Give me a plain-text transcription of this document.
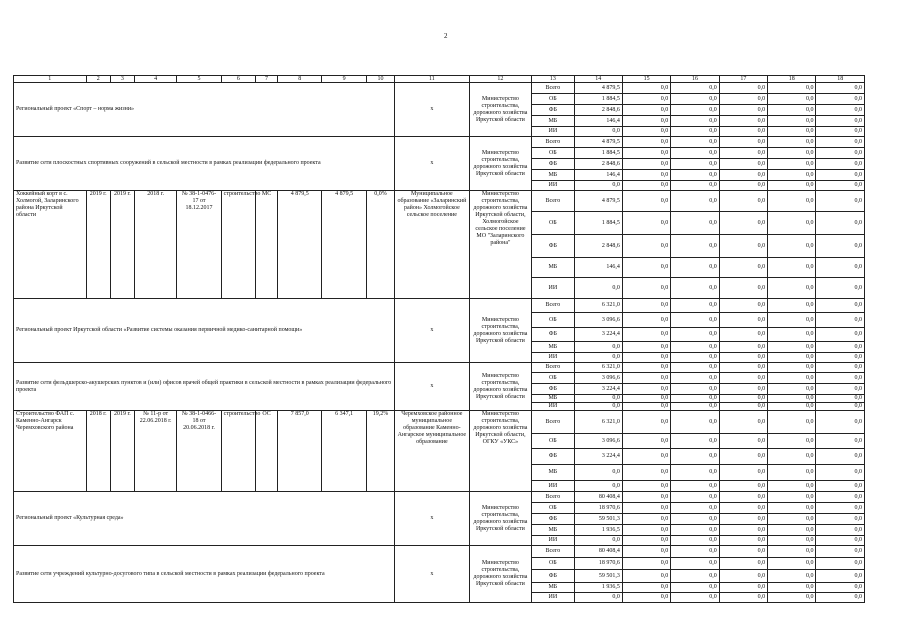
2
1	2	3	4	5	6	7	8	9	10	11	12	13	14	15	16	17	18	18
Региональный проект «Спорт – норма жизни»										х	Министерство строительства, дорожного хозяйства Иркутской области	Всего	4 879,5	0,0	0,0	0,0	0,0	0,0
												ОБ	1 884,5	0,0	0,0	0,0	0,0	0,0
												ФБ	2 848,6	0,0	0,0	0,0	0,0	0,0
												МБ	146,4	0,0	0,0	0,0	0,0	0,0
												ИИ	0,0	0,0	0,0	0,0	0,0	0,0
Развитие сети плоскостных спортивных сооружений в сельской местности в рамках реализации федерального проекта										х	Министерство строительства, дорожного хозяйства Иркутской области	Всего	4 879,5	0,0	0,0	0,0	0,0	0,0
												ОБ	1 884,5	0,0	0,0	0,0	0,0	0,0
												ФБ	2 848,6	0,0	0,0	0,0	0,0	0,0
												МБ	146,4	0,0	0,0	0,0	0,0	0,0
												ИИ	0,0	0,0	0,0	0,0	0,0	0,0
Хоккейный корт в с. Холмогой, Заларинского района Иркутской области	2019 г.	2019 г.	2018 г.	№ 38-1-0476-17 от 18.12.2017	строительство	МС	4 879,5	4 879,5	0,0%	Муниципальное образование «Заларинский район» Холмогойское сельское поселение	Министерство строительства, дорожного хозяйства Иркутской области, Холмогойское сельское поселение МО "Заларинского района"	Всего	4 879,5	0,0	0,0	0,0	0,0	0,0
												ОБ	1 884,5	0,0	0,0	0,0	0,0	0,0
												ФБ	2 848,6	0,0	0,0	0,0	0,0	0,0
												МБ	146,4	0,0	0,0	0,0	0,0	0,0
												ИИ	0,0	0,0	0,0	0,0	0,0	0,0
Региональный проект Иркутской области «Развитие системы оказания первичной медико-санитарной помощи»										х	Министерство строительства, дорожного хозяйства Иркутской области	Всего	6 321,0	0,0	0,0	0,0	0,0	0,0
												ОБ	3 096,6	0,0	0,0	0,0	0,0	0,0
												ФБ	3 224,4	0,0	0,0	0,0	0,0	0,0
												МБ	0,0	0,0	0,0	0,0	0,0	0,0
												ИИ	0,0	0,0	0,0	0,0	0,0	0,0
Развитие сети фельдшерско-акушерских пунктов и (или) офисов врачей общей практики в сельской местности в рамках реализации федерального проекта										х	Министерство строительства, дорожного хозяйства Иркутской области	Всего	6 321,0	0,0	0,0	0,0	0,0	0,0
												ОБ	3 096,6	0,0	0,0	0,0	0,0	0,0
												ФБ	3 224,4	0,0	0,0	0,0	0,0	0,0
												МБ	0,0	0,0	0,0	0,0	0,0	0,0
												ИИ	0,0	0,0	0,0	0,0	0,0	0,0
Строительство ФАП с. Каменно-Ангарск Черемховского района	2018 г.	2019 г.	№ 11-р от 22.06.2018 г.	№ 38-1-0466-18 от 20.06.2018 г.	строительство	ОС	7 857,0	6 347,1	19,2%	Черемховское районное муниципальное образование Каменно-Ангарское муниципальное образование	Министерство строительства, дорожного хозяйства Иркутской области, ОГКУ «УКС»	Всего	6 321,0	0,0	0,0	0,0	0,0	0,0
												ОБ	3 096,6	0,0	0,0	0,0	0,0	0,0
												ФБ	3 224,4	0,0	0,0	0,0	0,0	0,0
												МБ	0,0	0,0	0,0	0,0	0,0	0,0
												ИИ	0,0	0,0	0,0	0,0	0,0	0,0
Региональный проект «Культурная среда»										х	Министерство строительства, дорожного хозяйства Иркутской области	Всего	80 408,4	0,0	0,0	0,0	0,0	0,0
												ОБ	18 970,6	0,0	0,0	0,0	0,0	0,0
												ФБ	59 501,3	0,0	0,0	0,0	0,0	0,0
												МБ	1 936,5	0,0	0,0	0,0	0,0	0,0
												ИИ	0,0	0,0	0,0	0,0	0,0	0,0
Развитие сети учреждений культурно-досугового типа в сельской местности в рамках реализации федерального проекта										х	Министерство строительства, дорожного хозяйства Иркутской области	Всего	80 408,4	0,0	0,0	0,0	0,0	0,0
												ОБ	18 970,6	0,0	0,0	0,0	0,0	0,0
												ФБ	59 501,3	0,0	0,0	0,0	0,0	0,0
												МБ	1 936,5	0,0	0,0	0,0	0,0	0,0
												ИИ	0,0	0,0	0,0	0,0	0,0	0,0
